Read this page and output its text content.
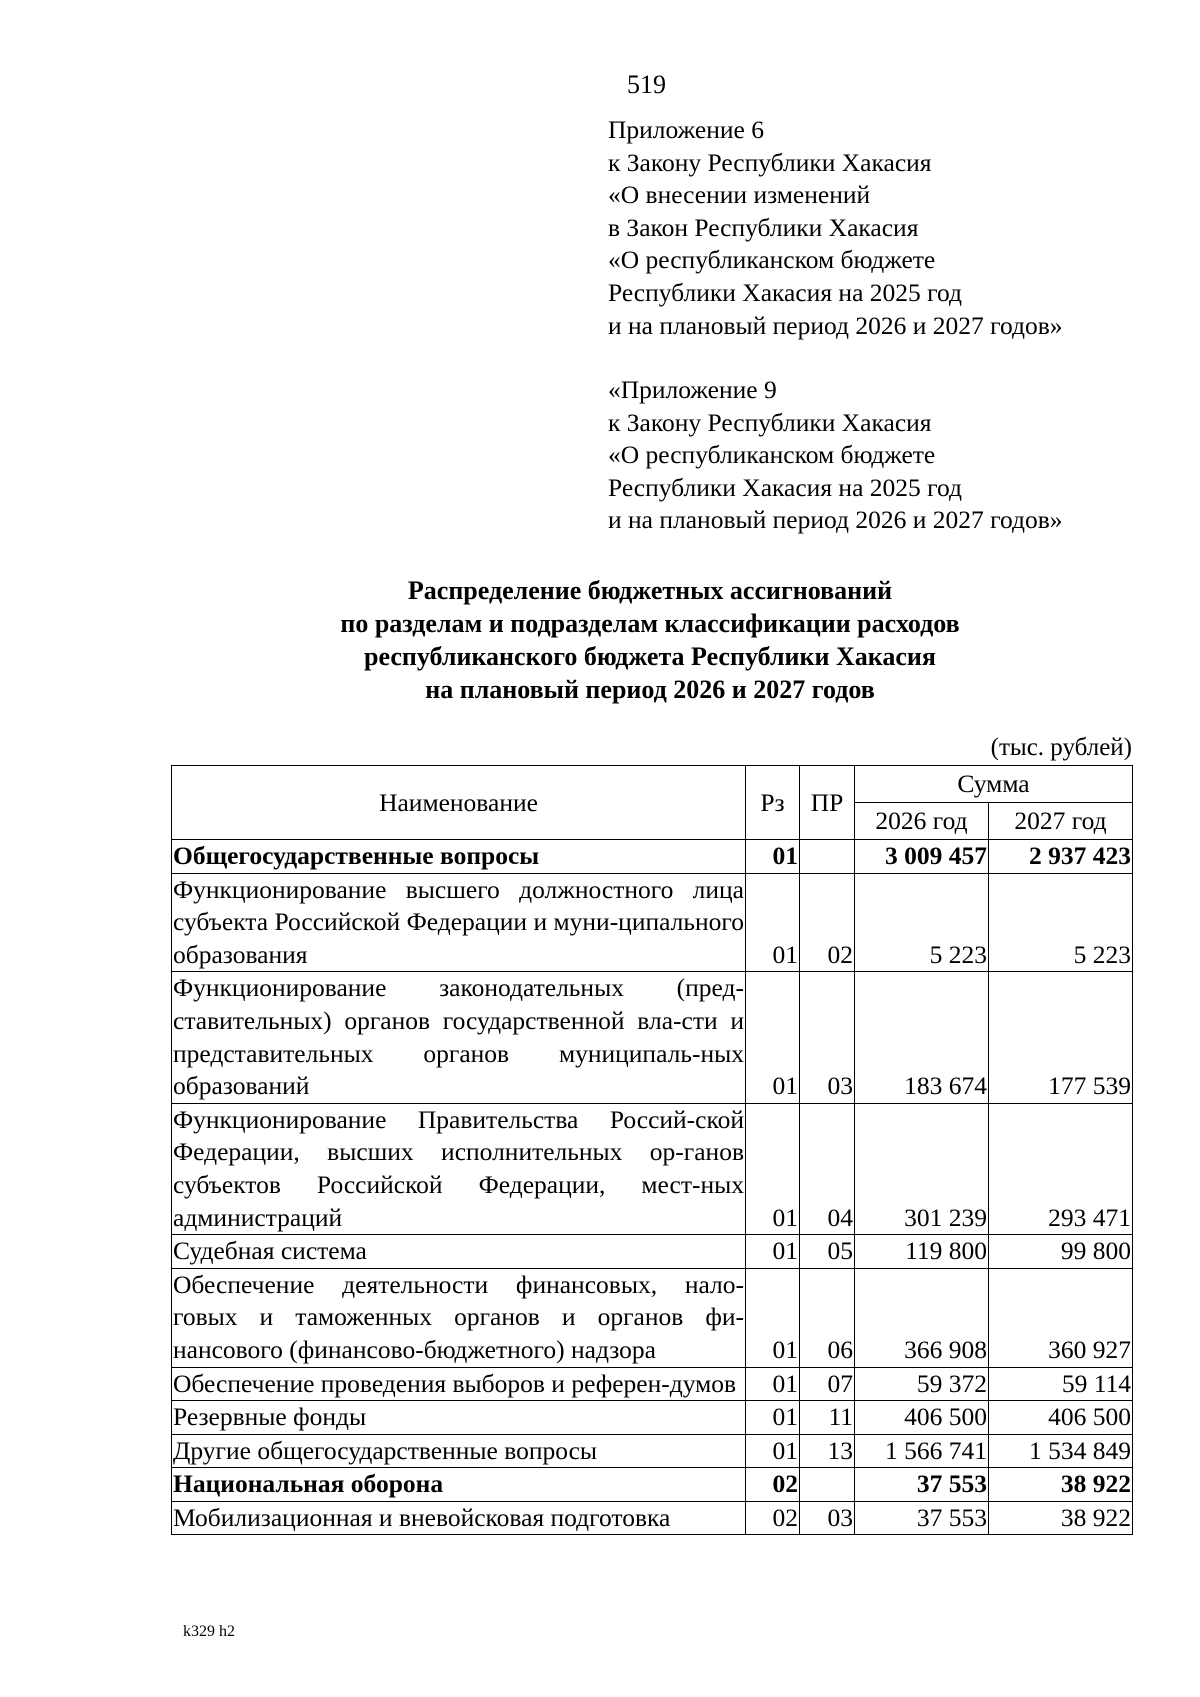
519
Приложение 6
к Закону Республики Хакасия
«О внесении изменений
в Закон Республики Хакасия
«О республиканском бюджете
Республики Хакасия на 2025 год
и на плановый период 2026 и 2027 годов»
«Приложение 9
к Закону Республики Хакасия
«О республиканском бюджете
Республики Хакасия на 2025 год
и на плановый период 2026 и 2027 годов»
Распределение бюджетных ассигнований
по разделам и подразделам классификации расходов
республиканского бюджета Республики Хакасия
на плановый период 2026 и 2027 годов
(тыс. рублей)
Наименование	Рз	ПР	Сумма	
			2026 год	2027 год
Общегосударственные вопросы	01		3 009 457	2 937 423
Функционирование высшего должностного лица субъекта Российской Федерации и муни-ципального образования	01	02	5 223	5 223
Функционирование законодательных (пред-ставительных) органов государственной вла-сти и представительных органов муниципаль-ных образований	01	03	183 674	177 539
Функционирование Правительства Россий-ской Федерации, высших исполнительных ор-ганов субъектов Российской Федерации, мест-ных администраций	01	04	301 239	293 471
Судебная система	01	05	119 800	99 800
Обеспечение деятельности финансовых, нало-говых и таможенных органов и органов фи-нансового (финансово-бюджетного) надзора	01	06	366 908	360 927
Обеспечение проведения выборов и референ-думов	01	07	59 372	59 114
Резервные фонды	01	11	406 500	406 500
Другие общегосударственные вопросы	01	13	1 566 741	1 534 849
Национальная оборона	02		37 553	38 922
Мобилизационная и вневойсковая подготовка	02	03	37 553	38 922
k329 h2
